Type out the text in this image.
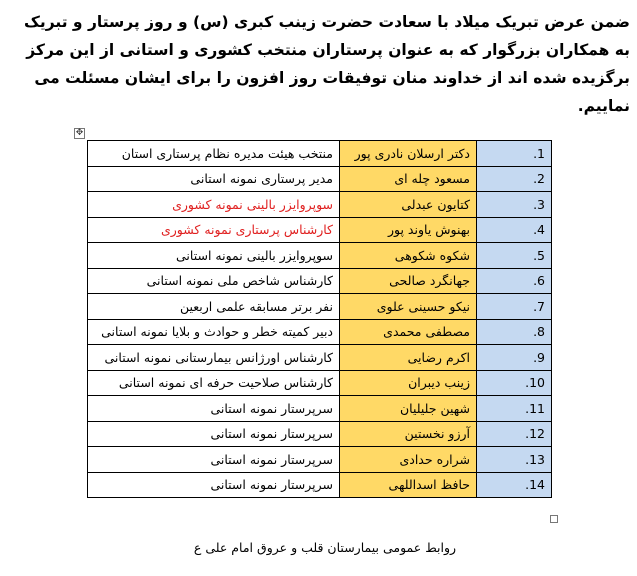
ضمن عرض تبریک میلاد با سعادت حضرت زینب کبری (س) و روز پرستار و تبریک به همکاران بزرگوار که به عنوان پرستاران منتخب کشوری و استانی از این مرکز برگزیده شده اند از خداوند منان توفیقات روز افزون را برای ایشان مسئلت می نماییم.

✥
1.	دکتر ارسلان نادری پور	منتخب هیئت مدیره نظام پرستاری استان
2.	مسعود چله ای	مدیر پرستاری نمونه استانی
3.	کتایون عبدلی	سوپروایزر بالینی نمونه کشوری
4.	بهنوش یاوند پور	کارشناس پرستاری نمونه کشوری
5.	شکوه شکوهی	سوپروایزر بالینی نمونه استانی
6.	جهانگرد صالحی	کارشناس شاخص ملی نمونه استانی
7.	نیکو حسینی علوی	نفر برتر مسابقه علمی اربعین
8.	مصطفی محمدی	دبیر کمیته خطر و حوادث و بلایا نمونه استانی
9.	اکرم رضایی	کارشناس اورژانس بیمارستانی نمونه استانی
10.	زینب دیبران	کارشناس صلاحیت حرفه ای نمونه استانی
11.	شهین جلیلیان	سرپرستار نمونه استانی
12.	آرزو نخستین	سرپرستار نمونه استانی
13.	شراره حدادی	سرپرستار نمونه استانی
14.	حافظ اسداللهی	سرپرستار نمونه استانی
روابط عمومی بیمارستان قلب و عروق امام علی ع
